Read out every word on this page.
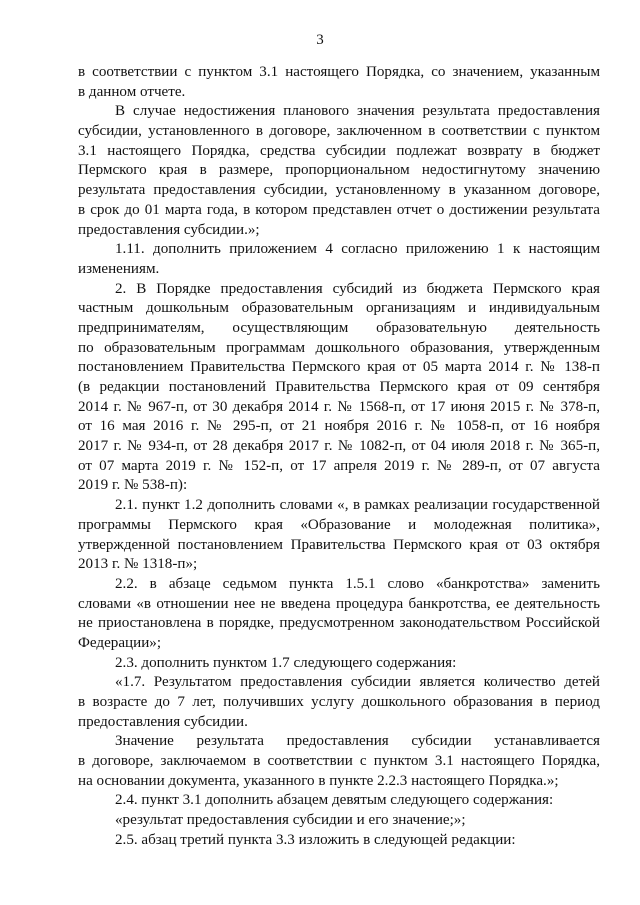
3
в соответствии с пунктом 3.1 настоящего Порядка, со значением, указанным
в данном отчете.
В случае недостижения планового значения результата предоставления
субсидии, установленного в договоре, заключенном в соответствии с пунктом
3.1 настоящего Порядка, средства субсидии подлежат возврату в бюджет
Пермского края в размере, пропорциональном недостигнутому значению
результата предоставления субсидии, установленному в указанном договоре,
в срок до 01 марта года, в котором представлен отчет о достижении результата
предоставления субсидии.»;
1.11. дополнить приложением 4 согласно приложению 1 к настоящим
изменениям.
2. В Порядке предоставления субсидий из бюджета Пермского края
частным дошкольным образовательным организациям и индивидуальным
предпринимателям, осуществляющим образовательную деятельность
по образовательным программам дошкольного образования, утвержденным
постановлением Правительства Пермского края от 05 марта 2014 г. № 138-п
(в редакции постановлений Правительства Пермского края от 09 сентября
2014 г. № 967-п, от 30 декабря 2014 г. № 1568-п, от 17 июня 2015 г. № 378-п,
от 16 мая 2016 г. № 295-п, от 21 ноября 2016 г. № 1058-п, от 16 ноября
2017 г. № 934-п, от 28 декабря 2017 г. № 1082-п, от 04 июля 2018 г. № 365-п,
от 07 марта 2019 г. № 152-п, от 17 апреля 2019 г. № 289-п, от 07 августа
2019 г. № 538-п):
2.1. пункт 1.2 дополнить словами «, в рамках реализации государственной
программы Пермского края «Образование и молодежная политика»,
утвержденной постановлением Правительства Пермского края от 03 октября
2013 г. № 1318-п»;
2.2. в абзаце седьмом пункта 1.5.1 слово «банкротства» заменить
словами «в отношении нее не введена процедура банкротства, ее деятельность
не приостановлена в порядке, предусмотренном законодательством Российской
Федерации»;
2.3. дополнить пунктом 1.7 следующего содержания:
«1.7. Результатом предоставления субсидии является количество детей
в возрасте до 7 лет, получивших услугу дошкольного образования в период
предоставления субсидии.
Значение результата предоставления субсидии устанавливается
в договоре, заключаемом в соответствии с пунктом 3.1 настоящего Порядка,
на основании документа, указанного в пункте 2.2.3 настоящего Порядка.»;
2.4. пункт 3.1 дополнить абзацем девятым следующего содержания:
«результат предоставления субсидии и его значение;»;
2.5. абзац третий пункта 3.3 изложить в следующей редакции:
